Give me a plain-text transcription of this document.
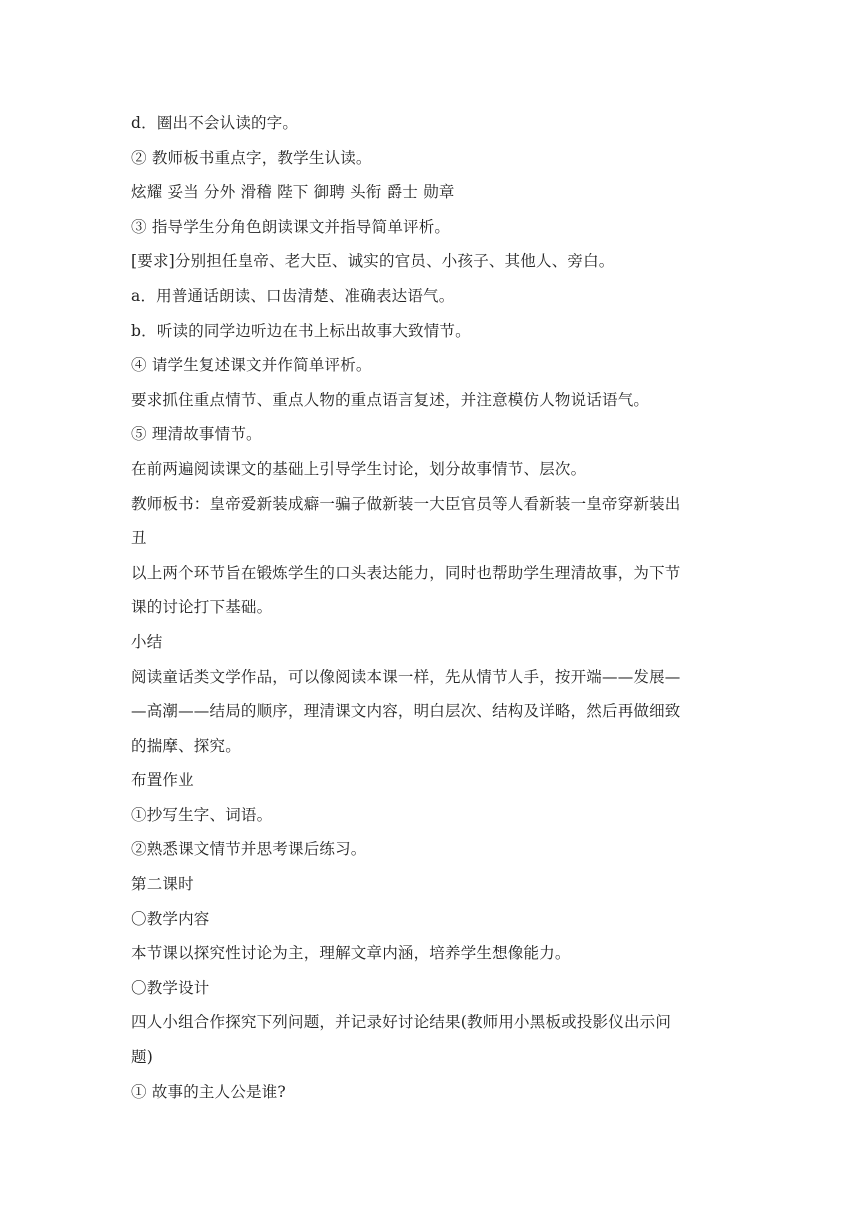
d．圈出不会认读的字。
② 教师板书重点字，教学生认读。
炫耀 妥当 分外 滑稽 陛下 御聘 头衔 爵士 勋章
③ 指导学生分角色朗读课文并指导简单评析。
[要求]分别担任皇帝、老大臣、诚实的官员、小孩子、其他人、旁白。
a．用普通话朗读、口齿清楚、准确表达语气。
b．听读的同学边听边在书上标出故事大致情节。
④ 请学生复述课文并作简单评析。
要求抓住重点情节、重点人物的重点语言复述，并注意模仿人物说话语气。
⑤ 理清故事情节。
在前两遍阅读课文的基础上引导学生讨论，划分故事情节、层次。
教师板书：皇帝爱新装成癖一骗子做新装一大臣官员等人看新装一皇帝穿新装出
丑
以上两个环节旨在锻炼学生的口头表达能力，同时也帮助学生理清故事，为下节
课的讨论打下基础。
小结
阅读童话类文学作品，可以像阅读本课一样，先从情节人手，按开端——发展—
—高潮——结局的顺序，理清课文内容，明白层次、结构及详略，然后再做细致
的揣摩、探究。
布置作业
①抄写生字、词语。
②熟悉课文情节并思考课后练习。
第二课时
〇教学内容
本节课以探究性讨论为主，理解文章内涵，培养学生想像能力。
〇教学设计
四人小组合作探究下列问题，并记录好讨论结果(教师用小黑板或投影仪出示问
题)
① 故事的主人公是谁?
